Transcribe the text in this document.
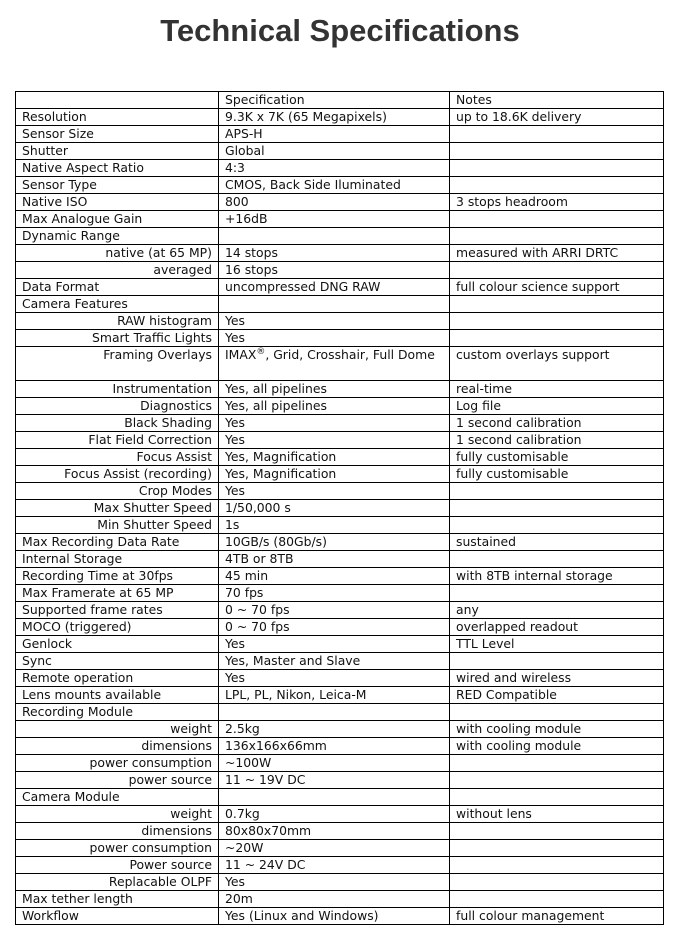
Technical Specifications
	Specification	Notes
Resolution	9.3K x 7K (65 Megapixels)	up to 18.6K delivery
Sensor Size	APS-H	
Shutter	Global	
Native Aspect Ratio	4:3	
Sensor Type	CMOS, Back Side Iluminated	
Native ISO	800	3 stops headroom
Max Analogue Gain	+16dB	
Dynamic Range		
native (at 65 MP)	14 stops	measured with ARRI DRTC
averaged	16 stops	
Data Format	uncompressed DNG RAW	full colour science support
Camera Features		
RAW histogram	Yes	
Smart Traffic Lights	Yes	
Framing Overlays	IMAX®, Grid, Crosshair, Full Dome	custom overlays support
Instrumentation	Yes, all pipelines	real-time
Diagnostics	Yes, all pipelines	Log file
Black Shading	Yes	1 second calibration
Flat Field Correction	Yes	1 second calibration
Focus Assist	Yes, Magnification	fully customisable
Focus Assist (recording)	Yes, Magnification	fully customisable
Crop Modes	Yes	
Max Shutter Speed	1/50,000 s	
Min Shutter Speed	1s	
Max Recording Data Rate	10GB/s (80Gb/s)	sustained
Internal Storage	4TB or 8TB	
Recording Time at 30fps	45 min	with 8TB internal storage
Max Framerate at 65 MP	70 fps	
Supported frame rates	0 ~ 70 fps	any
MOCO (triggered)	0 ~ 70 fps	overlapped readout
Genlock	Yes	TTL Level
Sync	Yes, Master and Slave	
Remote operation	Yes	wired and wireless
Lens mounts available	LPL, PL, Nikon, Leica-M	RED Compatible
Recording Module		
weight	2.5kg	with cooling module
dimensions	136x166x66mm	with cooling module
power consumption	~100W	
power source	11 ~ 19V DC	
Camera Module		
weight	0.7kg	without lens
dimensions	80x80x70mm	
power consumption	~20W	
Power source	11 ~ 24V DC	
Replacable OLPF	Yes	
Max tether length	20m	
Workflow	Yes (Linux and Windows)	full colour management
